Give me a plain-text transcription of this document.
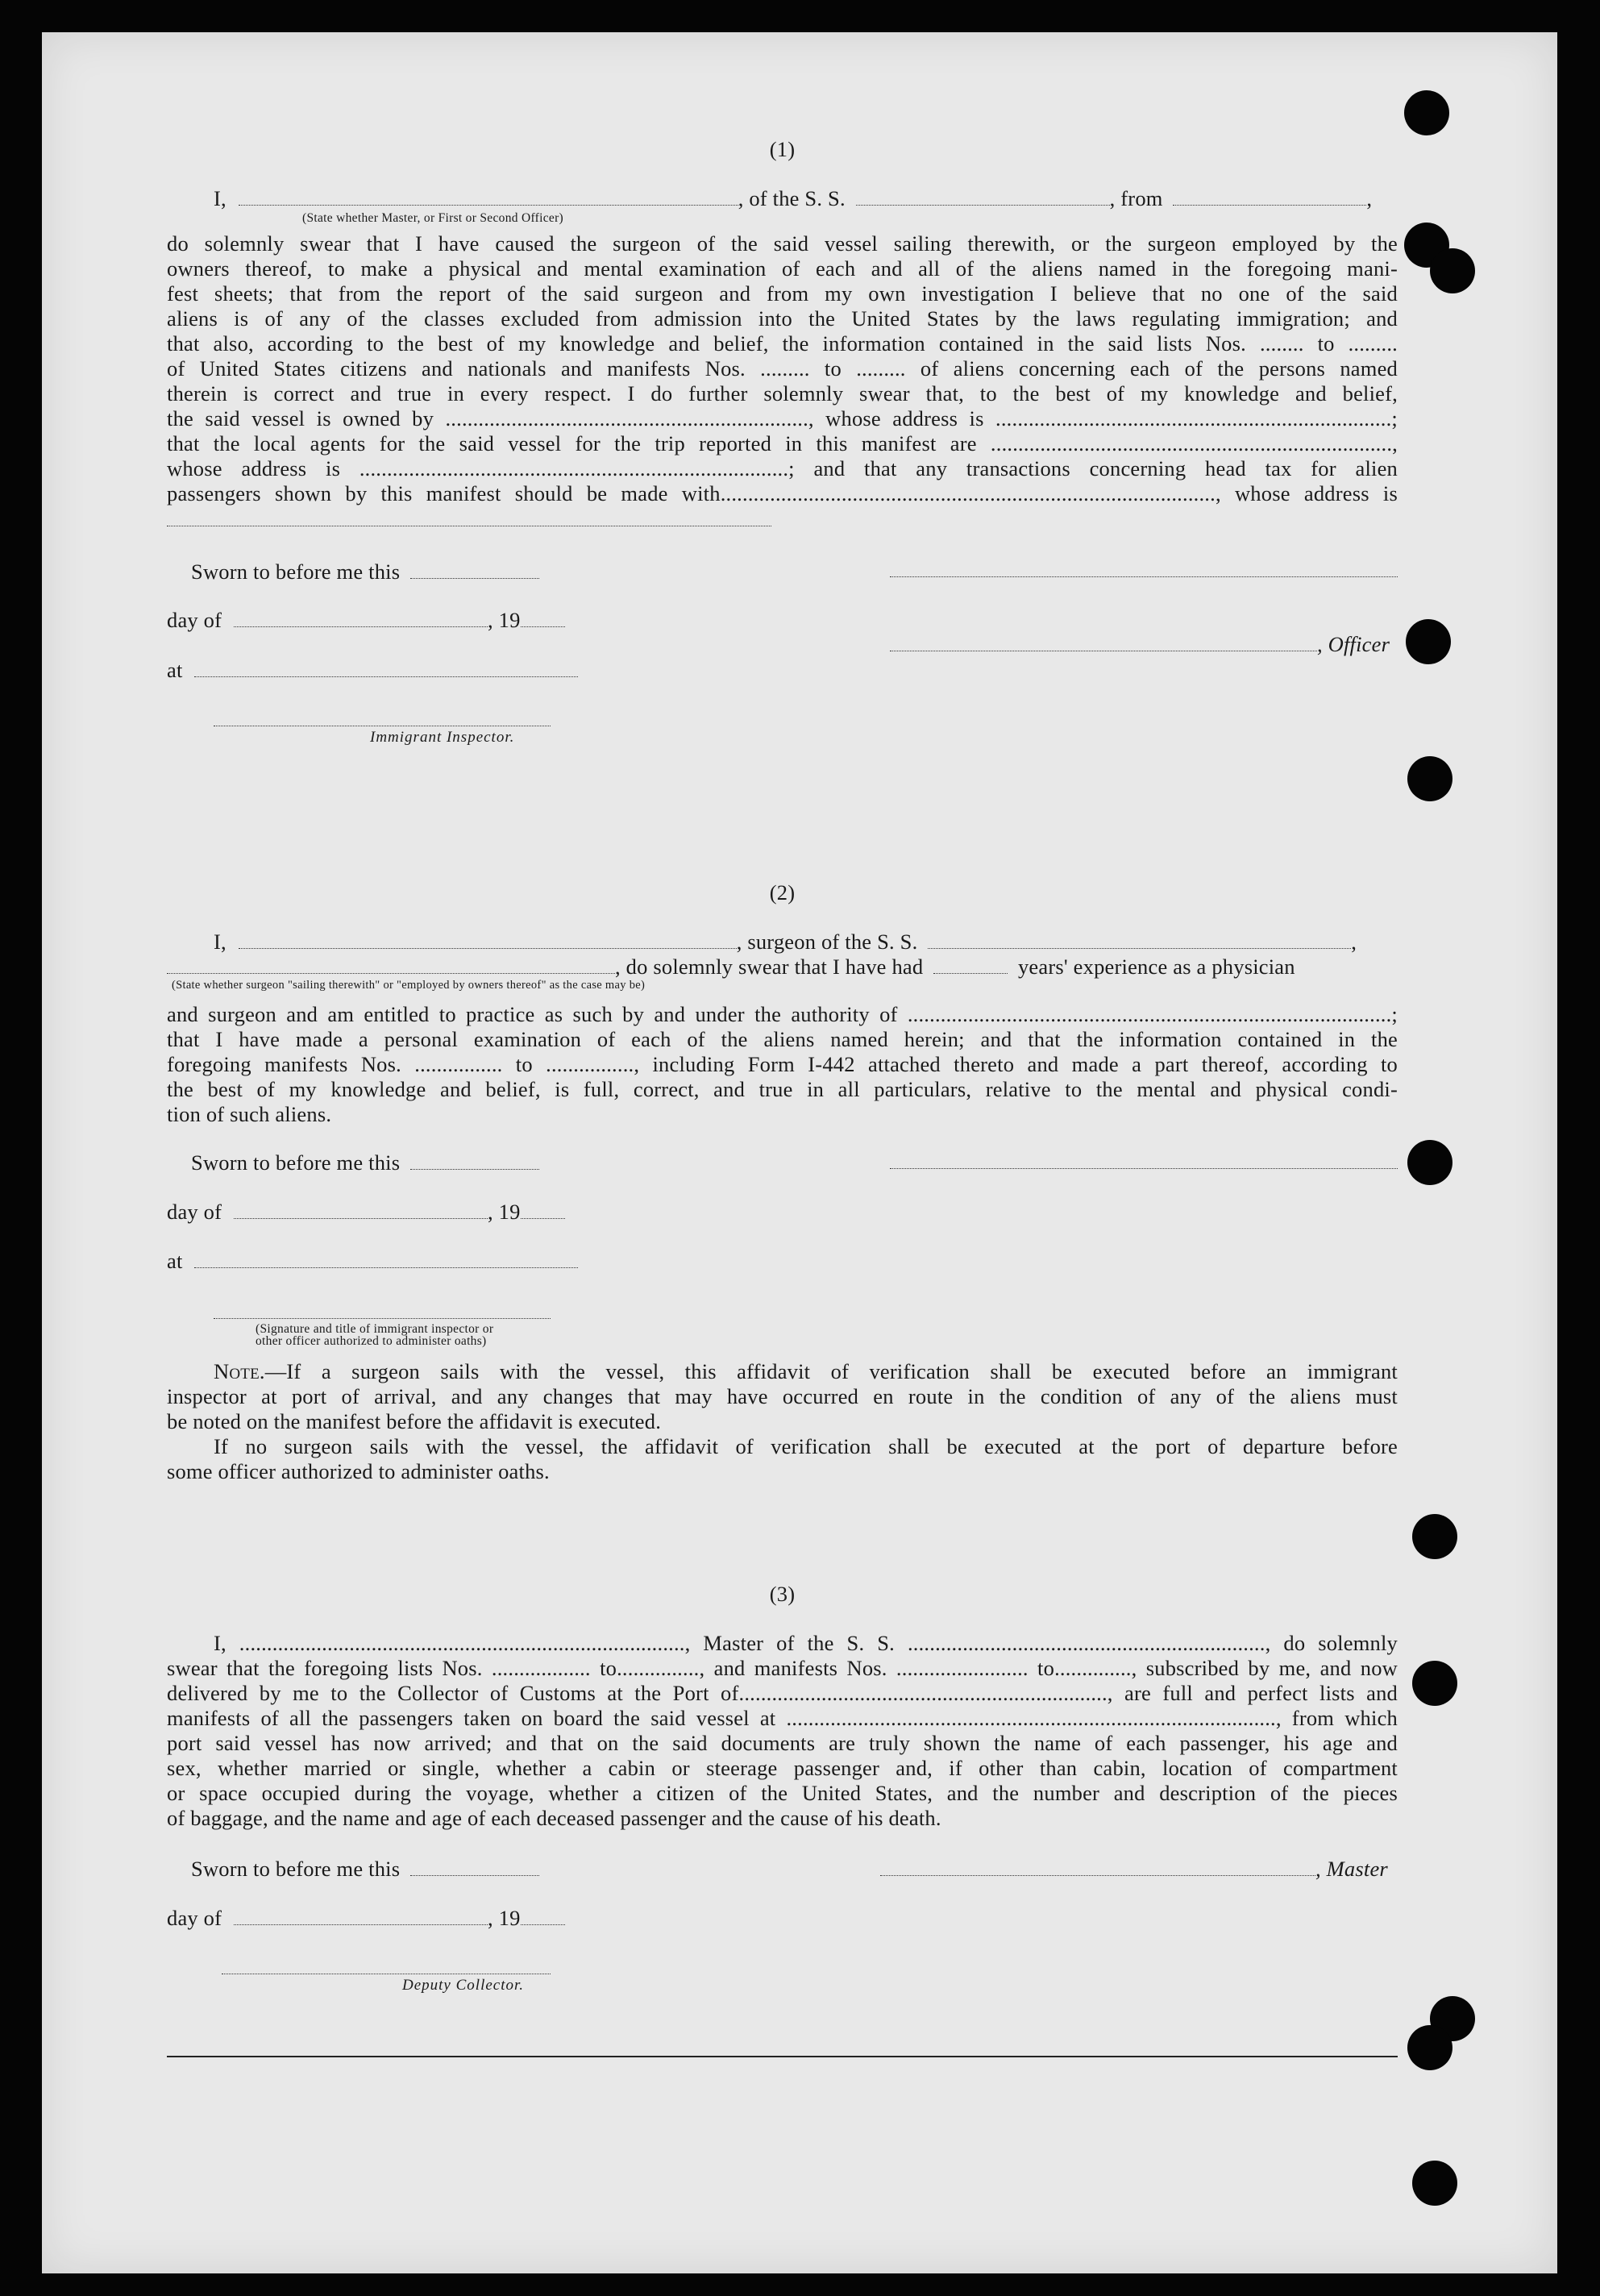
(1)
I,	, of the S. S.	, from	,
(State whether Master, or First or Second Officer)
do solemnly swear that I have caused the surgeon of the said vessel sailing therewith, or the surgeon employed by the
owners thereof, to make a physical and mental examination of each and all of the aliens named in the foregoing mani-
fest sheets; that from the report of the said surgeon and from my own investigation I believe that no one of the said
aliens is of any of the classes excluded from admission into the United States by the laws regulating immigration; and
that also, according to the best of my knowledge and belief, the information contained in the said lists Nos. ........ to .........
of United States citizens and nationals and manifests Nos. ......... to ......... of aliens concerning each of the persons named
therein is correct and true in every respect. I do further solemnly swear that, to the best of my knowledge and belief,
the said vessel is owned by .................................................................., whose address is ........................................................................;
that the local agents for the said vessel for the trip reported in this manifest are .........................................................................,
whose address is ..............................................................................; and that any transactions concerning head tax for alien
passengers shown by this manifest should be made with.........................................................................................., whose address is
Sworn to before me this
day of	, 19
, Officer
at
Immigrant Inspector.
(2)
I,	, surgeon of the S. S.	,
, do solemnly swear that I have had	years' experience as a physician
(State whether surgeon "sailing therewith" or "employed by owners thereof" as the case may be)
and surgeon and am entitled to practice as such by and under the authority of ........................................................................................;
that I have made a personal examination of each of the aliens named herein; and that the information contained in the
foregoing manifests Nos. ................ to ................, including Form I-442 attached thereto and made a part thereof, according to
the best of my knowledge and belief, is full, correct, and true in all particulars, relative to the mental and physical condi-
tion of such aliens.
Sworn to before me this
day of	, 19
at
(Signature and title of immigrant inspector or
other officer authorized to administer oaths)
Note.—If a surgeon sails with the vessel, this affidavit of verification shall be executed before an immigrant
inspector at port of arrival, and any changes that may have occurred en route in the condition of any of the aliens must
be noted on the manifest before the affidavit is executed.
If no surgeon sails with the vessel, the affidavit of verification shall be executed at the port of departure before
some officer authorized to administer oaths.
(3)
I, ................................................................................., Master of the S. S. ................................................................., do solemnly
swear that the foregoing lists Nos. .................. to..............., and manifests Nos. ........................ to.............., subscribed by me, and now
delivered by me to the Collector of Customs at the Port of..................................................................., are full and perfect lists and
manifests of all the passengers taken on board the said vessel at ........................................................................................., from which
port said vessel has now arrived; and that on the said documents are truly shown the name of each passenger, his age and
sex, whether married or single, whether a cabin or steerage passenger and, if other than cabin, location of compartment
or space occupied during the voyage, whether a citizen of the United States, and the number and description of the pieces
of baggage, and the name and age of each deceased passenger and the cause of his death.
Sworn to before me this	, Master
day of	, 19
Deputy Collector.
